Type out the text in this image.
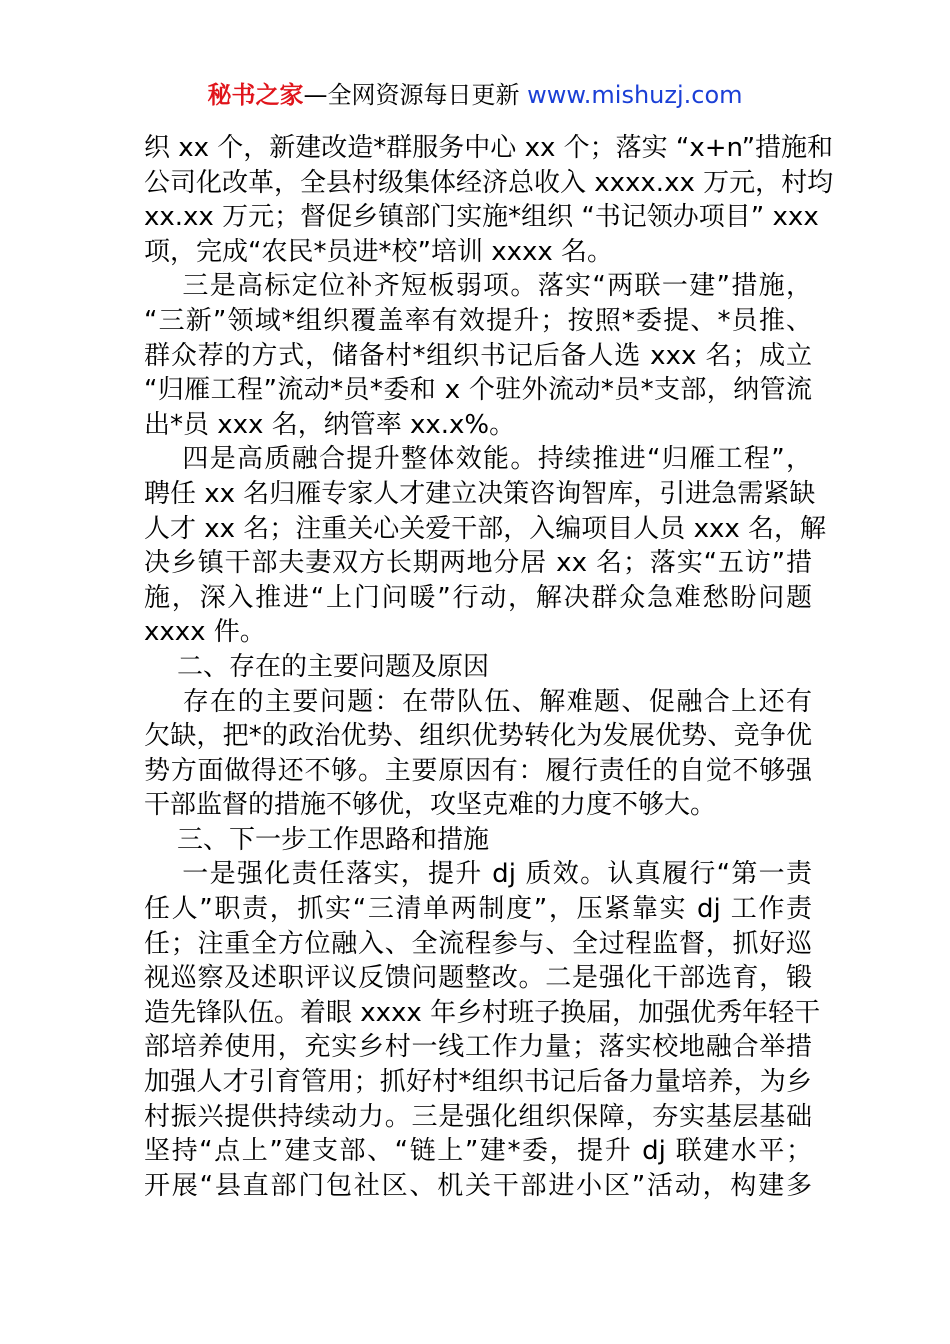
秘书之家—全网资源每日更新 www.mishuzj.com
织 xx 个，新建改造*群服务中心 xx 个；落实 “x+n”措施和
公司化改革，全县村级集体经济总收入 xxxx.xx 万元，村均
xx.xx 万元；督促乡镇部门实施*组织 “书记领办项目” xxx
项，完成“农民*员进*校”培训 xxxx 名。
三是高标定位补齐短板弱项。落实“两联一建”措施，
“三新”领域*组织覆盖率有效提升；按照*委提、*员推、
群众荐的方式，储备村*组织书记后备人选 xxx 名；成立
“归雁工程”流动*员*委和 x 个驻外流动*员*支部，纳管流
出*员 xxx 名，纳管率 xx.x%。
四是高质融合提升整体效能。持续推进“归雁工程”，
聘任 xx 名归雁专家人才建立决策咨询智库，引进急需紧缺
人才 xx 名；注重关心关爱干部，入编项目人员 xxx 名，解
决乡镇干部夫妻双方长期两地分居 xx 名；落实“五访”措
施，深入推进“上门问暖”行动，解决群众急难愁盼问题
xxxx 件。
二、存在的主要问题及原因
存在的主要问题：在带队伍、解难题、促融合上还有
欠缺，把*的政治优势、组织优势转化为发展优势、竞争优
势方面做得还不够。主要原因有：履行责任的自觉不够强
干部监督的措施不够优，攻坚克难的力度不够大。
三、下一步工作思路和措施
一是强化责任落实，提升 dj 质效。认真履行“第一责
任人”职责，抓实“三清单两制度”，压紧靠实 dj 工作责
任；注重全方位融入、全流程参与、全过程监督，抓好巡
视巡察及述职评议反馈问题整改。二是强化干部选育，锻
造先锋队伍。着眼 xxxx 年乡村班子换届，加强优秀年轻干
部培养使用，充实乡村一线工作力量；落实校地融合举措
加强人才引育管用；抓好村*组织书记后备力量培养，为乡
村振兴提供持续动力。三是强化组织保障，夯实基层基础
坚持“点上”建支部、“链上”建*委，提升 dj 联建水平；
开展“县直部门包社区、机关干部进小区”活动，构建多
